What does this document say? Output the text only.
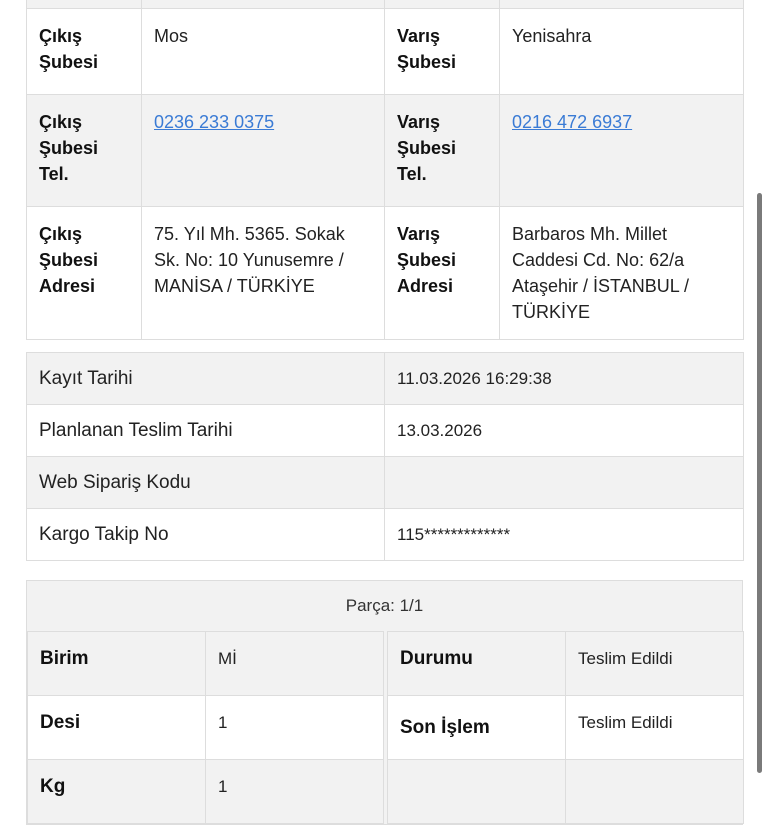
Çıkış Şubesi	Mos	Varış Şubesi	Yenisahra
Çıkış Şubesi Tel.	0236 233 0375	Varış Şubesi Tel.	0216 472 6937
Çıkış Şubesi Adresi	75. Yıl Mh. 5365. Sokak Sk. No: 10 Yunusemre / MANİSA / TÜRKİYE	Varış Şubesi Adresi	Barbaros Mh. Millet Caddesi Cd. No: 62/a Ataşehir / İSTANBUL / TÜRKİYE
Kayıt Tarihi	11.03.2026 16:29:38
Planlanan Teslim Tarihi	13.03.2026
Web Sipariş Kodu	
Kargo Takip No	115*************
Parça: 1/1
Birim	Mİ
Desi	1
Kg	1
Durumu	Teslim Edildi
Son İşlem	Teslim Edildi
